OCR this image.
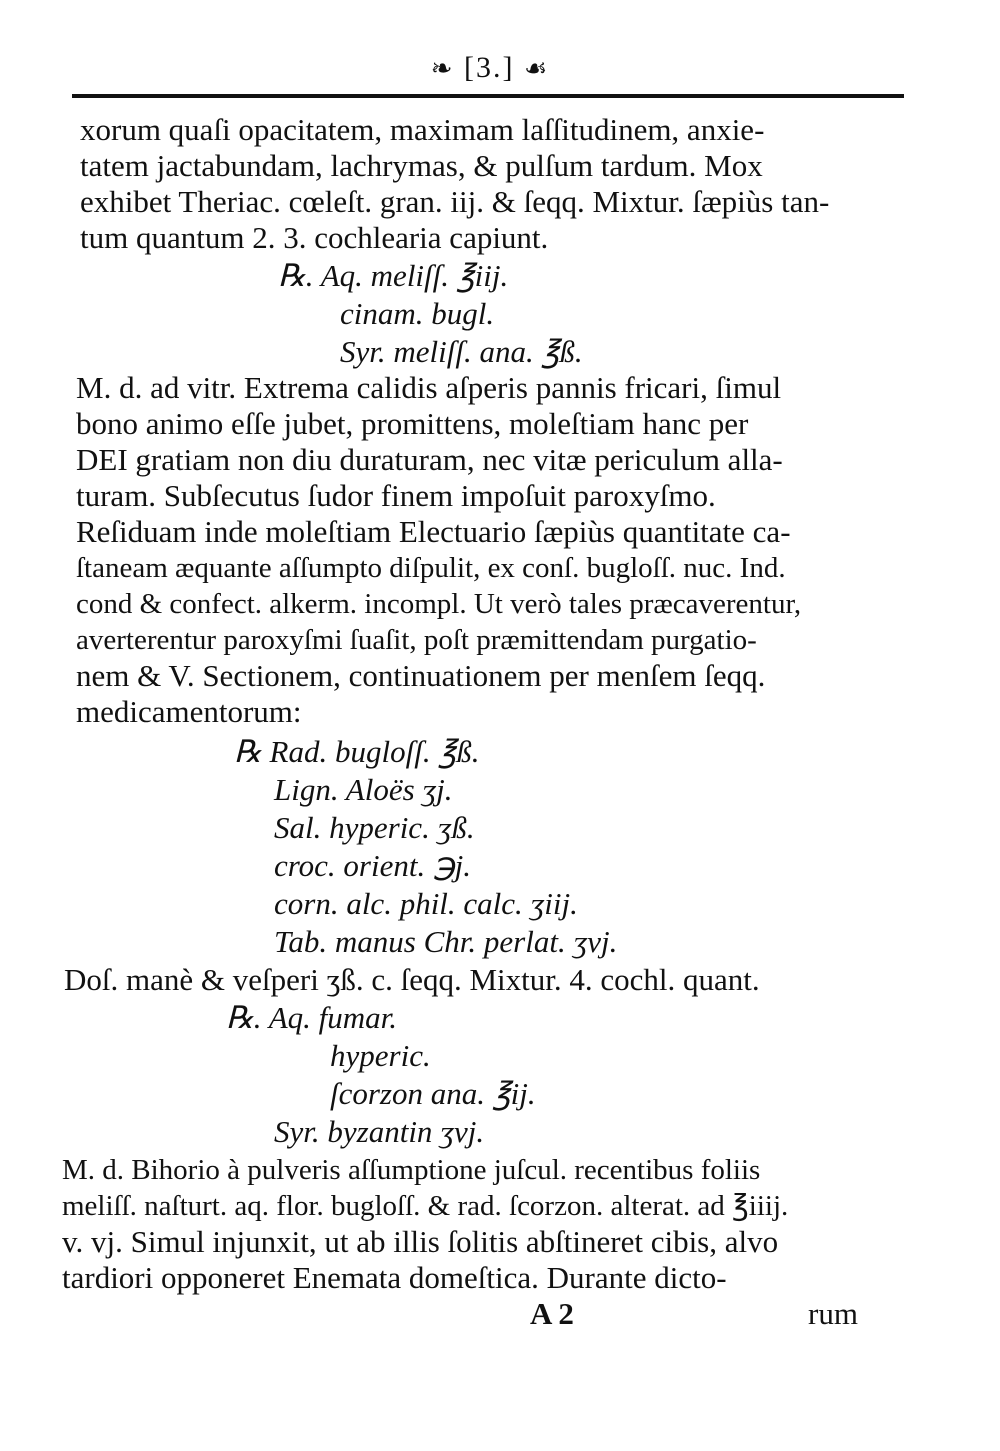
❧ [3.] ☙
xorum quaſi opacitatem, maximam laſſitudinem, anxie-
tatem jactabundam, lachrymas, & pulſum tardum. Mox
exhibet Theriac. cœleſt. gran. iij. & ſeqq. Mixtur. ſæpiùs tan-
tum quantum 2. 3. cochlearia capiunt.
℞. Aq. meliſſ. ℥iij.
cinam. bugl.
Syr. meliſſ. ana. ℥ß.
M. d. ad vitr. Extrema calidis aſperis pannis fricari, ſimul
bono animo eſſe jubet, promittens, moleſtiam hanc per
DEI gratiam non diu duraturam, nec vitæ periculum alla-
turam. Subſecutus ſudor finem impoſuit paroxyſmo.
Reſiduam inde moleſtiam Electuario ſæpiùs quantitate ca-
ſtaneam æquante aſſumpto diſpulit, ex conſ. bugloſſ. nuc. Ind.
cond & confect. alkerm. incompl. Ut verò tales præcaverentur,
averterentur paroxyſmi ſuaſit, poſt præmittendam purgatio-
nem & V. Sectionem, continuationem per menſem ſeqq.
medicamentorum:
℞ Rad. bugloſſ. ℥ß.
Lign. Aloës ʒj.
Sal. hyperic. ʒß.
croc. orient. ℈j.
corn. alc. phil. calc. ʒiij.
Tab. manus Chr. perlat. ʒvj.
Doſ. manè & veſperi ʒß. c. ſeqq. Mixtur. 4. cochl. quant.
℞. Aq. fumar.
hyperic.
ſcorzon ana. ℥ij.
Syr. byzantin ʒvj.
M. d. Bihorio à pulveris aſſumptione juſcul. recentibus foliis
meliſſ. naſturt. aq. flor. bugloſſ. & rad. ſcorzon. alterat. ad ℥iiij.
v. vj. Simul injunxit, ut ab illis ſolitis abſtineret cibis, alvo
tardiori opponeret Enemata domeſtica. Durante dicto-
A 2	rum
